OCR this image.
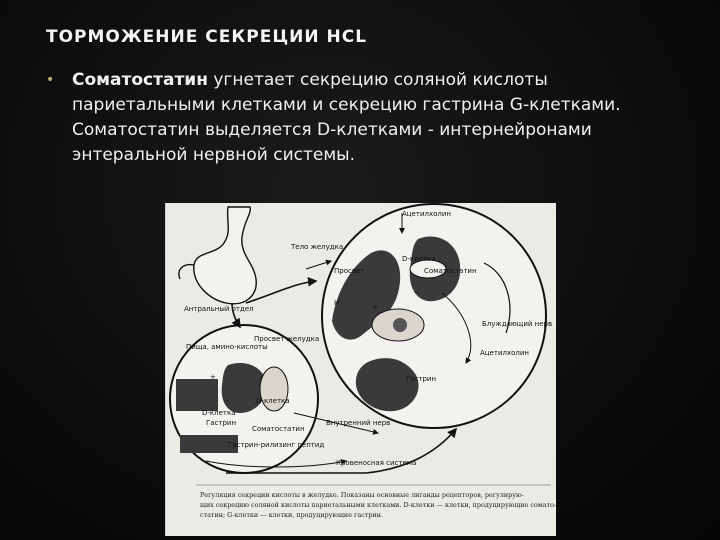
ТОРМОЖЕНИЕ СЕКРЕЦИИ HCL
•	Соматостатин угнетает секрецию соляной кислоты париетальными клетками и секрецию гастрина G-клетками. Соматостатин выделяется D-клетками - интернейронами энтеральной нервной системы.
Ацетилхолин
Тело желудка
Просвет
D-клетка
Соматостатин
H⁺
Блуждающий нерв
Ацетилхолин
Гастрин
Антральный отдел
Просвет желудка
Пища, амино-кислоты
D-клетка
G-клетка
Гастрин
Соматостатин
Внутренний нерв
Гастрин-рилизинг пептид
Кровеносная система
+
−
+
−
Регуляция секреции кислоты в желудке. Показаны основные лиганды рецепторов, регулирую-
щих секрецию соляной кислоты париетальными клетками. D-клетки — клетки, продуцирующие сомато-
статин; G-клетки — клетки, продуцирующие гастрин.
